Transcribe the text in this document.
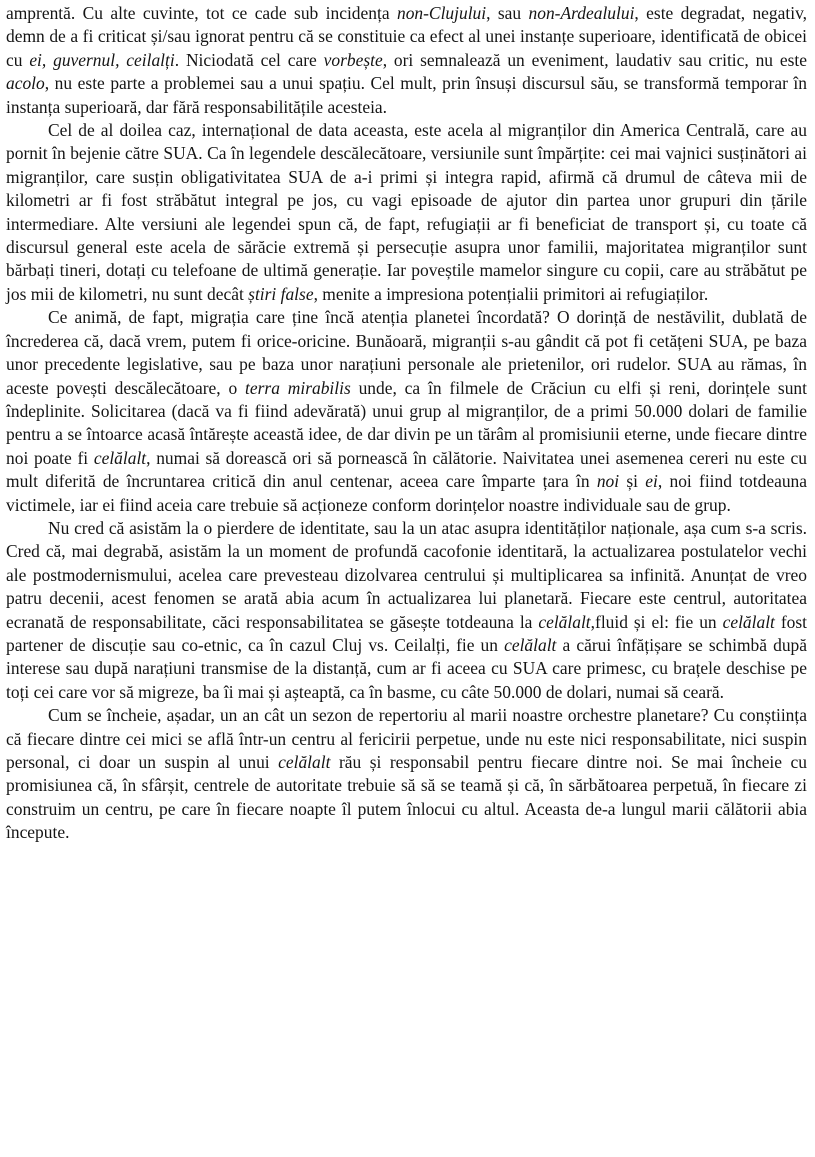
amprentă. Cu alte cuvinte, tot ce cade sub incidența non-Clujului, sau non-Ardealului, este degradat, negativ, demn de a fi criticat și/sau ignorat pentru că se constituie ca efect al unei instanțe superioare, identificată de obicei cu ei, guvernul, ceilalți. Niciodată cel care vorbește, ori semnalează un eveniment, laudativ sau critic, nu este acolo, nu este parte a problemei sau a unui spațiu. Cel mult, prin însuși discursul său, se transformă temporar în instanța superioară, dar fără responsabilitățile acesteia.

Cel de al doilea caz, internațional de data aceasta, este acela al migranților din America Centrală, care au pornit în bejenie către SUA. Ca în legendele descălecătoare, versiunile sunt împărțite: cei mai vajnici susținători ai migranților, care susțin obligativitatea SUA de a-i primi și integra rapid, afirmă că drumul de câteva mii de kilometri ar fi fost străbătut integral pe jos, cu vagi episoade de ajutor din partea unor grupuri din țările intermediare. Alte versiuni ale legendei spun că, de fapt, refugiații ar fi beneficiat de transport și, cu toate că discursul general este acela de sărăcie extremă și persecuție asupra unor familii, majoritatea migranților sunt bărbați tineri, dotați cu telefoane de ultimă generație. Iar poveștile mamelor singure cu copii, care au străbătut pe jos mii de kilometri, nu sunt decât știri false, menite a impresiona potențialii primitori ai refugiaților.

Ce animă, de fapt, migrația care ține încă atenția planetei încordată? O dorință de nestăvilit, dublată de încrederea că, dacă vrem, putem fi orice-oricine. Bunăoară, migranții s-au gândit că pot fi cetățeni SUA, pe baza unor precedente legislative, sau pe baza unor narațiuni personale ale prietenilor, ori rudelor. SUA au rămas, în aceste povești descălecătoare, o terra mirabilis unde, ca în filmele de Crăciun cu elfi și reni, dorințele sunt îndeplinite. Solicitarea (dacă va fi fiind adevărată) unui grup al migranților, de a primi 50.000 dolari de familie pentru a se întoarce acasă întărește această idee, de dar divin pe un tărâm al promisiunii eterne, unde fiecare dintre noi poate fi celălalt, numai să dorească ori să pornească în călătorie. Naivitatea unei asemenea cereri nu este cu mult diferită de încruntarea critică din anul centenar, aceea care împarte țara în noi și ei, noi fiind totdeauna victimele, iar ei fiind aceia care trebuie să acționeze conform dorințelor noastre individuale sau de grup.

Nu cred că asistăm la o pierdere de identitate, sau la un atac asupra identităților naționale, așa cum s-a scris. Cred că, mai degrabă, asistăm la un moment de profundă cacofonie identitară, la actualizarea postulatelor vechi ale postmodernismului, acelea care prevesteau dizolvarea centrului și multiplicarea sa infinită. Anunțat de vreo patru decenii, acest fenomen se arată abia acum în actualizarea lui planetară. Fiecare este centrul, autoritatea ecranată de responsabilitate, căci responsabilitatea se găsește totdeauna la celălalt,fluid și el: fie un celălalt fost partener de discuție sau co-etnic, ca în cazul Cluj vs. Ceilalți, fie un celălalt a cărui înfățișare se schimbă după interese sau după narațiuni transmise de la distanță, cum ar fi aceea cu SUA care primesc, cu brațele deschise pe toți cei care vor să migreze, ba îi mai și așteaptă, ca în basme, cu câte 50.000 de dolari, numai să ceară.

Cum se încheie, așadar, un an cât un sezon de repertoriu al marii noastre orchestre planetare? Cu conștiința că fiecare dintre cei mici se află într-un centru al fericirii perpetue, unde nu este nici responsabilitate, nici suspin personal, ci doar un suspin al unui celălalt rău și responsabil pentru fiecare dintre noi. Se mai încheie cu promisiunea că, în sfârșit, centrele de autoritate trebuie să să se teamă și că, în sărbătoarea perpetuă, în fiecare zi construim un centru, pe care în fiecare noapte îl putem înlocui cu altul. Aceasta de-a lungul marii călătorii abia începute.
